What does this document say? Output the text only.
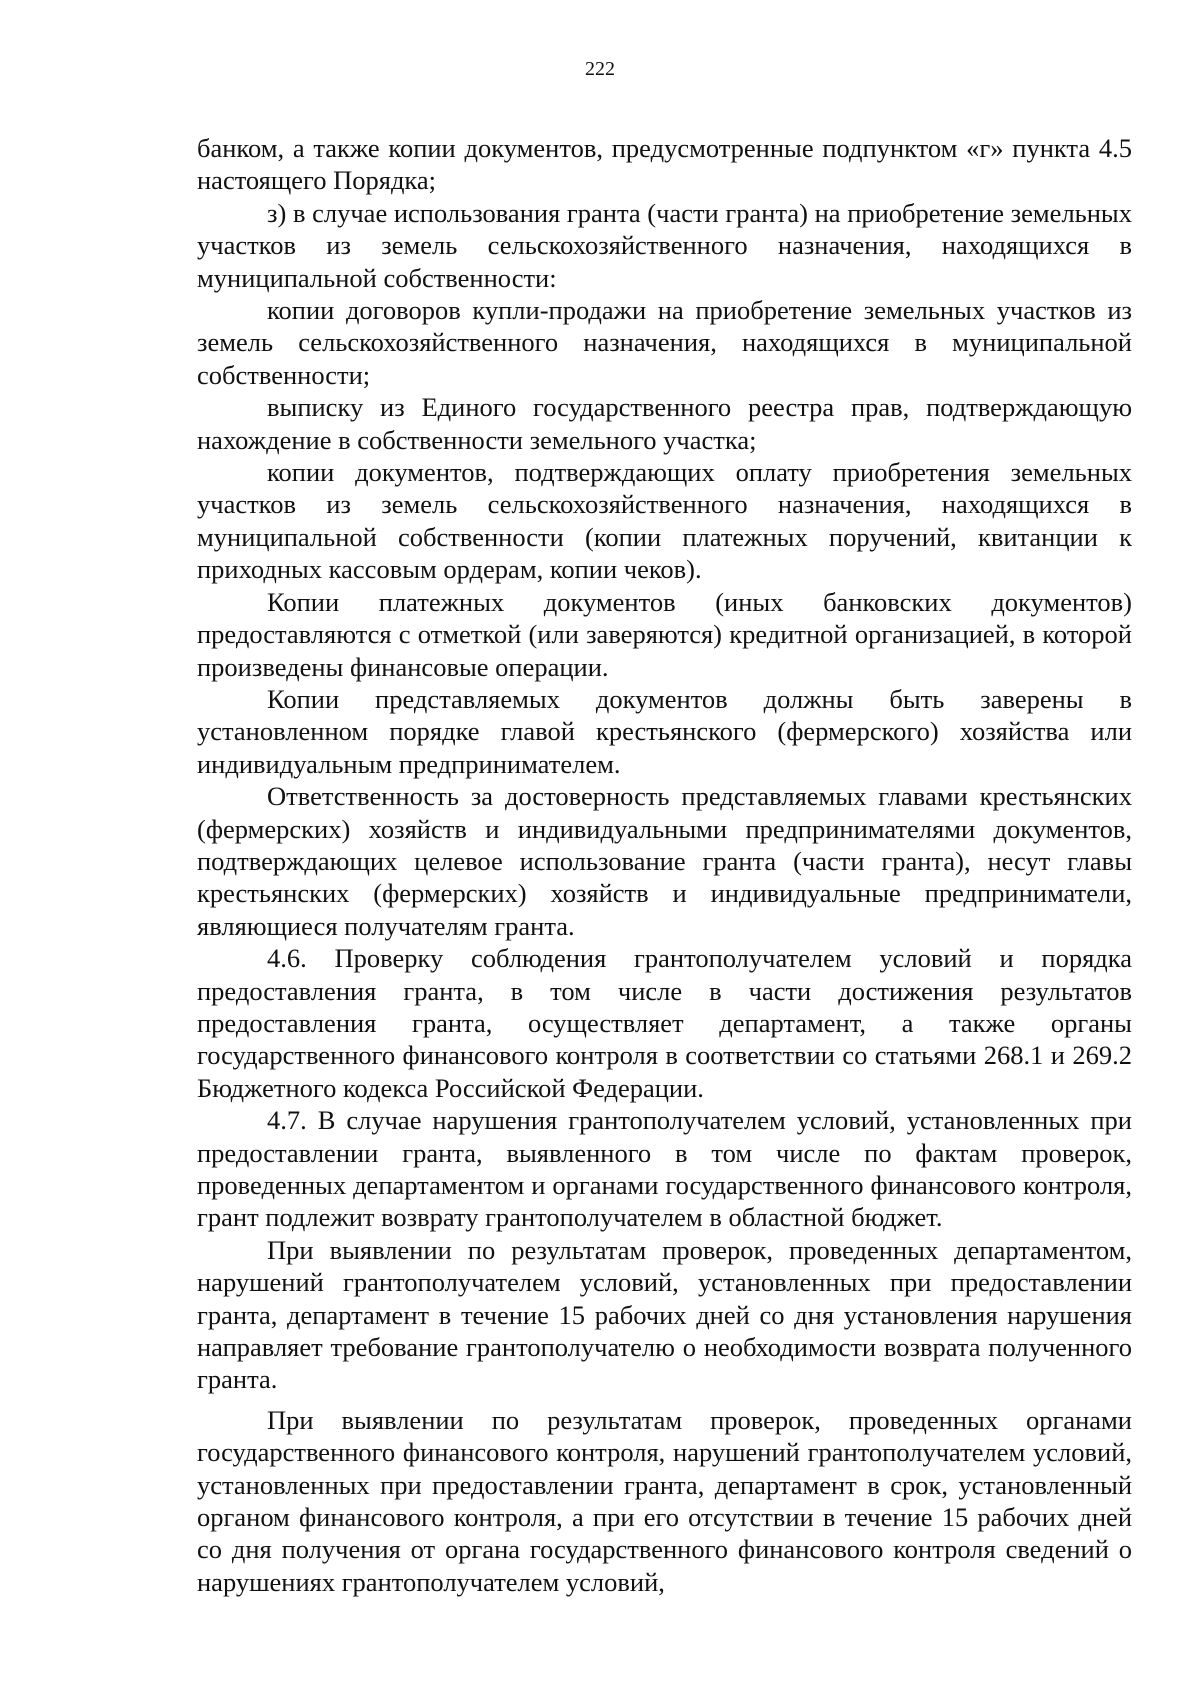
222

банком, а также копии документов, предусмотренные подпунктом «г» пункта 4.5 настоящего Порядка;

з) в случае использования гранта (части гранта) на приобретение земельных участков из земель сельскохозяйственного назначения, находящихся в муниципальной собственности:

копии договоров купли-продажи на приобретение земельных участков из земель сельскохозяйственного назначения, находящихся в муниципальной собственности;

выписку из Единого государственного реестра прав, подтверждающую нахождение в собственности земельного участка;

копии документов, подтверждающих оплату приобретения земельных участков из земель сельскохозяйственного назначения, находящихся в муниципальной собственности (копии платежных поручений, квитанции к приходных кассовым ордерам, копии чеков).

Копии платежных документов (иных банковских документов) предоставляются с отметкой (или заверяются) кредитной организацией, в которой произведены финансовые операции.

Копии представляемых документов должны быть заверены в установленном порядке главой крестьянского (фермерского) хозяйства или индивидуальным предпринимателем.

Ответственность за достоверность представляемых главами крестьянских (фермерских) хозяйств и индивидуальными предпринимателями документов, подтверждающих целевое использование гранта (части гранта), несут главы крестьянских (фермерских) хозяйств и индивидуальные предприниматели, являющиеся получателям гранта.

4.6. Проверку соблюдения грантополучателем условий и порядка предоставления гранта, в том числе в части достижения результатов предоставления гранта, осуществляет департамент, а также органы государственного финансового контроля в соответствии со статьями 268.1 и 269.2 Бюджетного кодекса Российской Федерации.

4.7. В случае нарушения грантополучателем условий, установленных при предоставлении гранта, выявленного в том числе по фактам проверок, проведенных департаментом и органами государственного финансового контроля, грант подлежит возврату грантополучателем в областной бюджет.

При выявлении по результатам проверок, проведенных департаментом, нарушений грантополучателем условий, установленных при предоставлении гранта, департамент в течение 15 рабочих дней со дня установления нарушения направляет требование грантополучателю о необходимости возврата полученного гранта.

При выявлении по результатам проверок, проведенных органами государственного финансового контроля, нарушений грантополучателем условий, установленных при предоставлении гранта, департамент в срок, установленный органом финансового контроля, а при его отсутствии в течение 15 рабочих дней со дня получения от органа государственного финансового контроля сведений о нарушениях грантополучателем условий,
